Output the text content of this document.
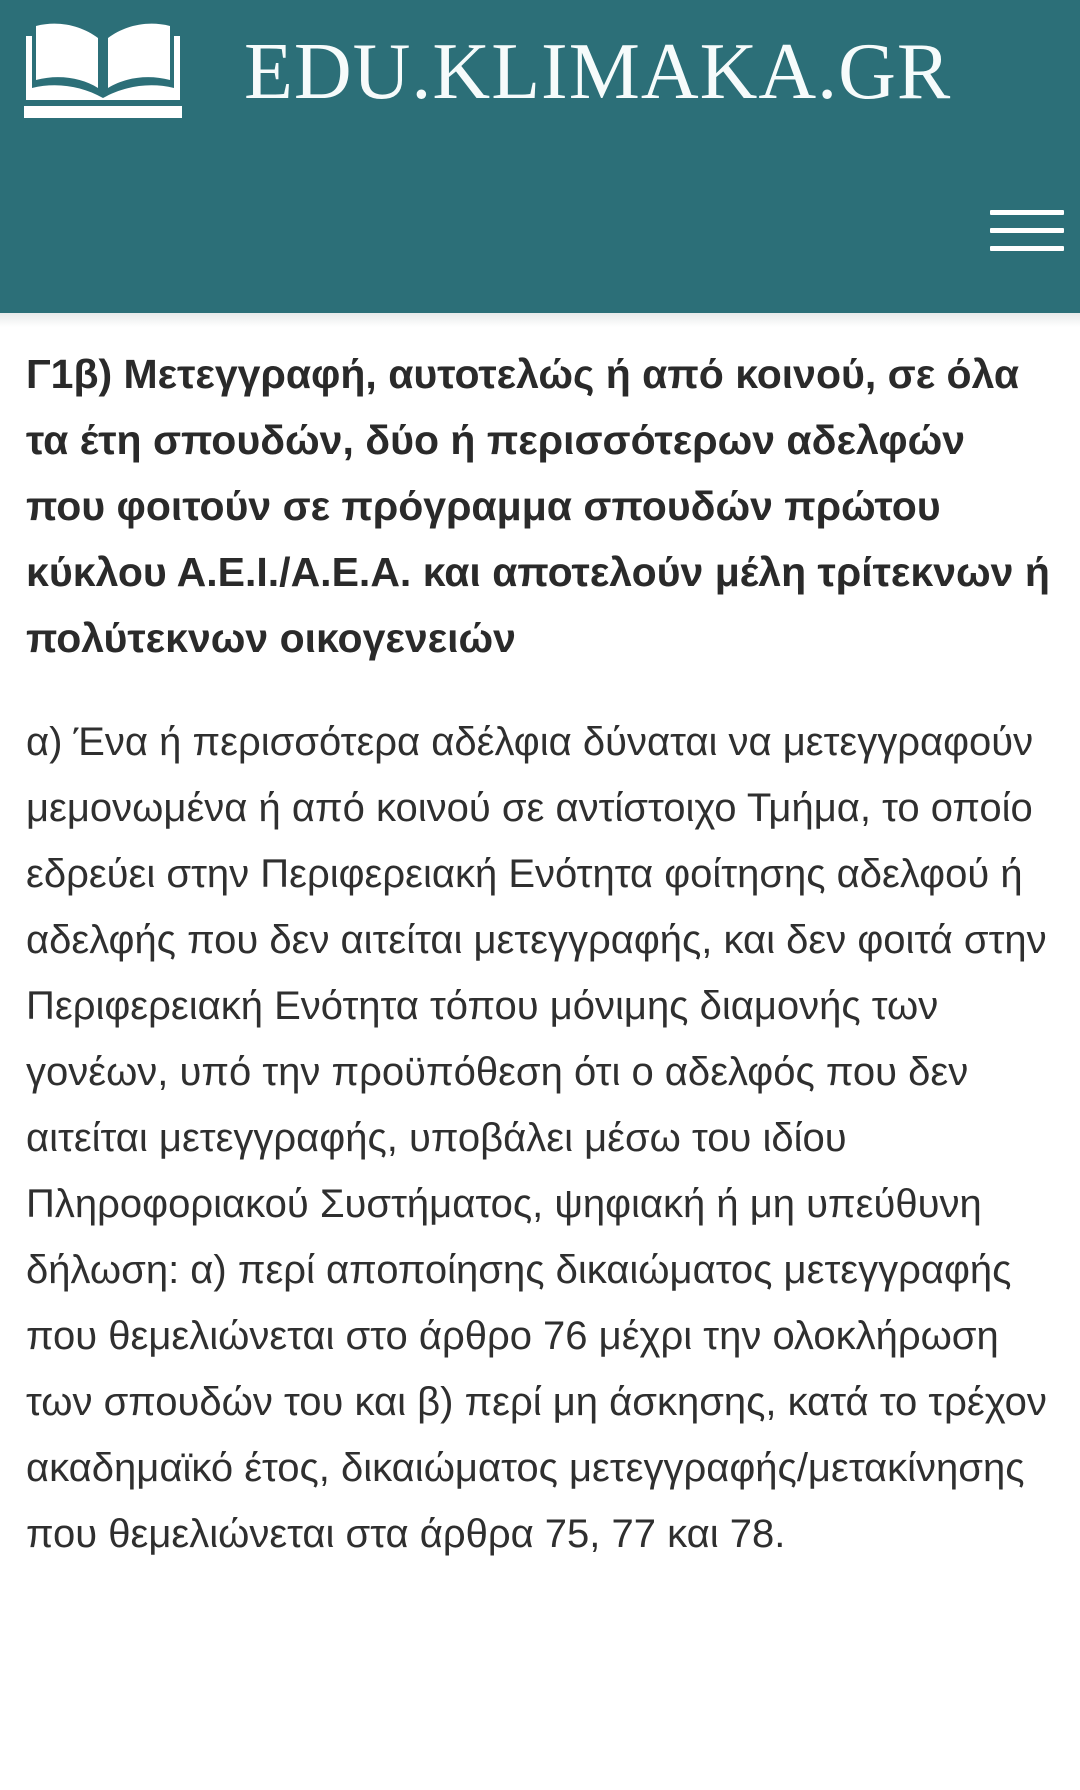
EDU.KLIMAKA.GR
Γ1β) Μετεγγραφή, αυτοτελώς ή από κοινού, σε όλα τα έτη σπουδών, δύο ή περισσότερων αδελφών που φοιτούν σε πρόγραμμα σπουδών πρώτου κύκλου Α.Ε.Ι./Α.Ε.Α. και αποτελούν μέλη τρίτεκνων ή πολύτεκνων οικογενειών

α) Ένα ή περισσότερα αδέλφια δύναται να μετεγγραφούν μεμονωμένα ή από κοινού σε αντίστοιχο Τμήμα, το οποίο εδρεύει στην Περιφερειακή Ενότητα φοίτησης αδελφού ή αδελφής που δεν αιτείται μετεγγραφής, και δεν φοιτά στην Περιφερειακή Ενότητα τόπου μόνιμης διαμονής των γονέων, υπό την προϋπόθεση ότι ο αδελφός που δεν αιτείται μετεγγραφής, υποβάλει μέσω του ιδίου Πληροφοριακού Συστήματος, ψηφιακή ή μη υπεύθυνη δήλωση: α) περί αποποίησης δικαιώματος μετεγγραφής που θεμελιώνεται στο άρθρο 76 μέχρι την ολοκλήρωση των σπουδών του και β) περί μη άσκησης, κατά το τρέχον ακαδημαϊκό έτος, δικαιώματος μετεγγραφής/μετακίνησης που θεμελιώνεται στα άρθρα 75, 77 και 78.
